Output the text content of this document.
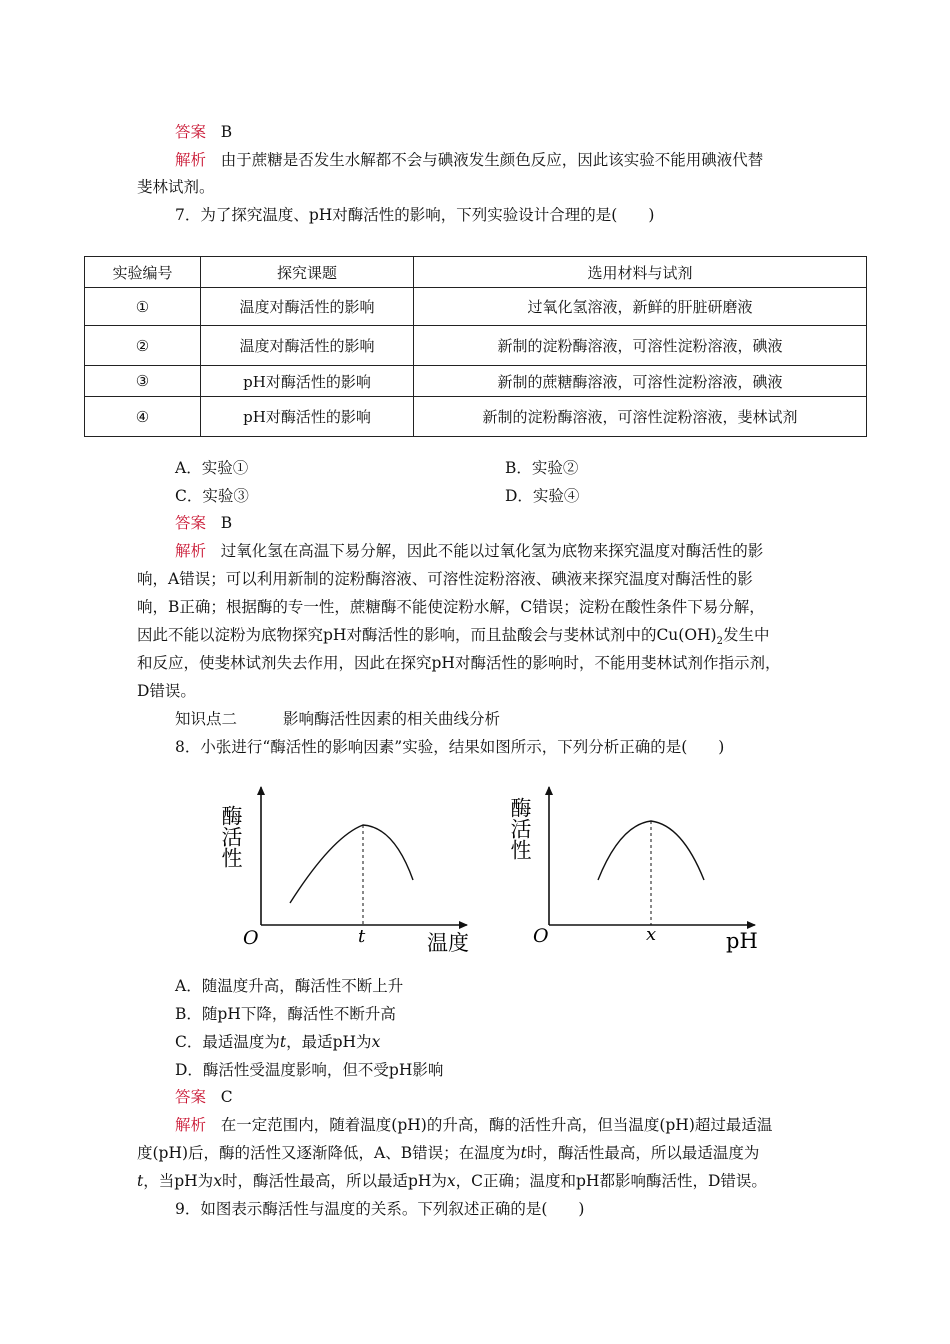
答案 B
解析 由于蔗糖是否发生水解都不会与碘液发生颜色反应，因此该实验不能用碘液代替
斐林试剂。
7．为了探究温度、pH对酶活性的影响，下列实验设计合理的是(　　)
实验编号	探究课题	选用材料与试剂
①	温度对酶活性的影响	过氧化氢溶液，新鲜的肝脏研磨液
②	温度对酶活性的影响	新制的淀粉酶溶液，可溶性淀粉溶液，碘液
③	pH对酶活性的影响	新制的蔗糖酶溶液，可溶性淀粉溶液，碘液
④	pH对酶活性的影响	新制的淀粉酶溶液，可溶性淀粉溶液，斐林试剂
A．实验①	B．实验②
C．实验③	D．实验④
答案 B
解析 过氧化氢在高温下易分解，因此不能以过氧化氢为底物来探究温度对酶活性的影
响，A错误；可以利用新制的淀粉酶溶液、可溶性淀粉溶液、碘液来探究温度对酶活性的影
响，B正确；根据酶的专一性，蔗糖酶不能使淀粉水解，C错误；淀粉在酸性条件下易分解，
因此不能以淀粉为底物探究pH对酶活性的影响，而且盐酸会与斐林试剂中的$Cu(OH)_2$发生中
和反应，使斐林试剂失去作用，因此在探究pH对酶活性的影响时，不能用斐林试剂作指示剂，
D错误。
知识点二	影响酶活性因素的相关曲线分析
8．小张进行“酶活性的影响因素”实验，结果如图所示，下列分析正确的是(　　)
酶活性
O	t	温度
酶活性
O	x	pH
A．随温度升高，酶活性不断上升
B．随pH下降，酶活性不断升高
C．最适温度为t，最适pH为x
D．酶活性受温度影响，但不受pH影响
答案 C
解析 在一定范围内，随着温度(pH)的升高，酶的活性升高，但当温度(pH)超过最适温
度(pH)后，酶的活性又逐渐降低，A、B错误；在温度为t时，酶活性最高，所以最适温度为
t，当pH为x时，酶活性最高，所以最适pH为x，C正确；温度和pH都影响酶活性，D错误。
9．如图表示酶活性与温度的关系。下列叙述正确的是(　　)
